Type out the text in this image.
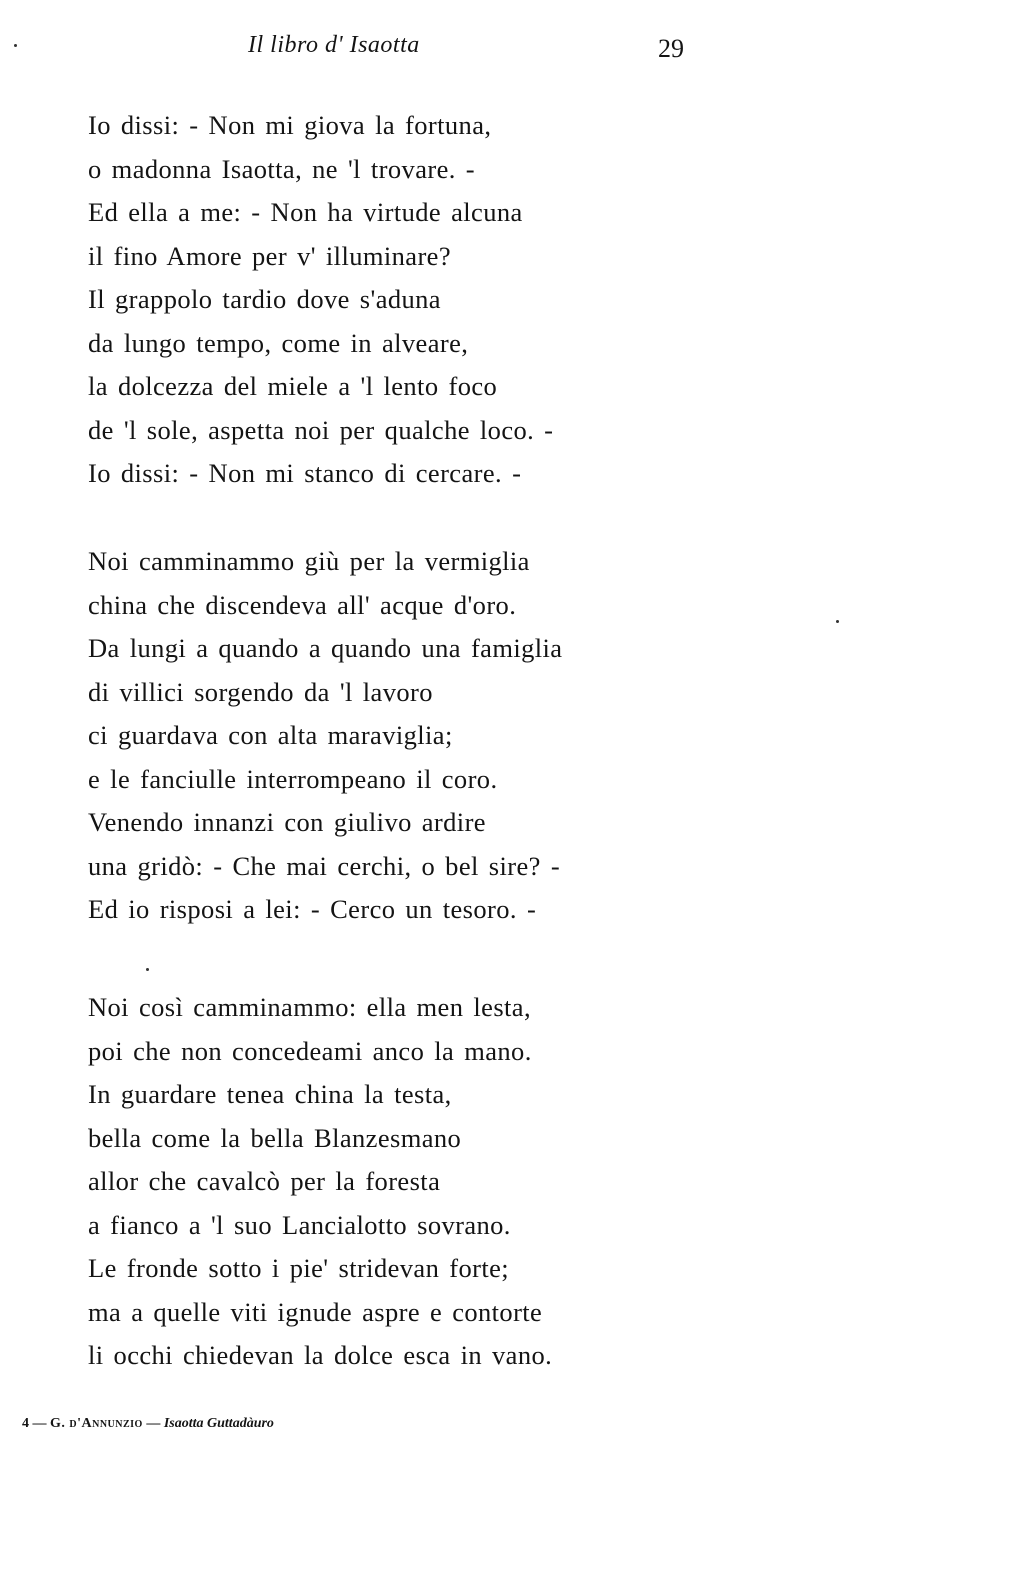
Il libro d' Isaotta	29
Io dissi: - Non mi giova la fortuna,
o madonna Isaotta, ne 'l trovare. -
Ed ella a me: - Non ha virtude alcuna
il fino Amore per v' illuminare?
Il grappolo tardio dove s'aduna
da lungo tempo, come in alveare,
la dolcezza del miele a 'l lento foco
de 'l sole, aspetta noi per qualche loco. -
Io dissi: - Non mi stanco di cercare. -
Noi camminammo giù per la vermiglia
china che discendeva all' acque d'oro.
Da lungi a quando a quando una famiglia
di villici sorgendo da 'l lavoro
ci guardava con alta maraviglia;
e le fanciulle interrompeano il coro.
Venendo innanzi con giulivo ardire
una gridò: - Che mai cerchi, o bel sire? -
Ed io risposi a lei: - Cerco un tesoro. -
Noi così camminammo: ella men lesta,
poi che non concedeami anco la mano.
In guardare tenea china la testa,
bella come la bella Blanzesmano
allor che cavalcò per la foresta
a fianco a 'l suo Lancialotto sovrano.
Le fronde sotto i pie' stridevan forte;
ma a quelle viti ignude aspre e contorte
li occhi chiedevan la dolce esca in vano.
4 — G. d'Annunzio — Isaotta Guttadàuro
